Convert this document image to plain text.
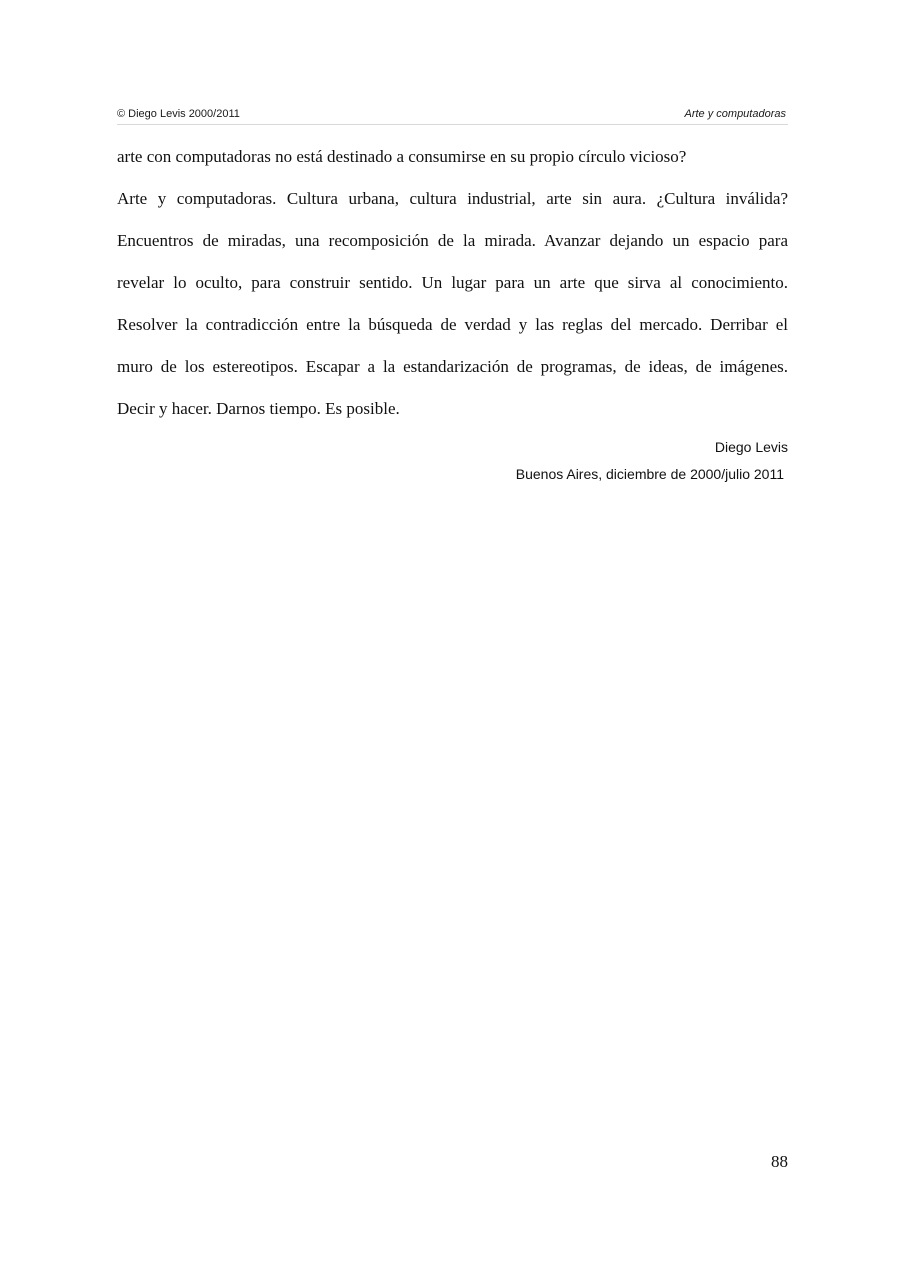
© Diego Levis 2000/2011	Arte y computadoras
arte con computadoras no está destinado a consumirse en su propio círculo vicioso?
Arte y computadoras. Cultura urbana, cultura industrial, arte sin aura. ¿Cultura inválida?
Encuentros de miradas, una recomposición de la mirada. Avanzar dejando un espacio para
revelar lo oculto, para construir sentido. Un lugar para un arte que sirva al conocimiento.
Resolver la contradicción entre la búsqueda de verdad y las reglas del mercado. Derribar el
muro de los estereotipos. Escapar a la estandarización de programas, de ideas, de imágenes.
Decir y hacer. Darnos tiempo. Es posible.
Diego Levis
Buenos Aires, diciembre de 2000/julio 2011
88
